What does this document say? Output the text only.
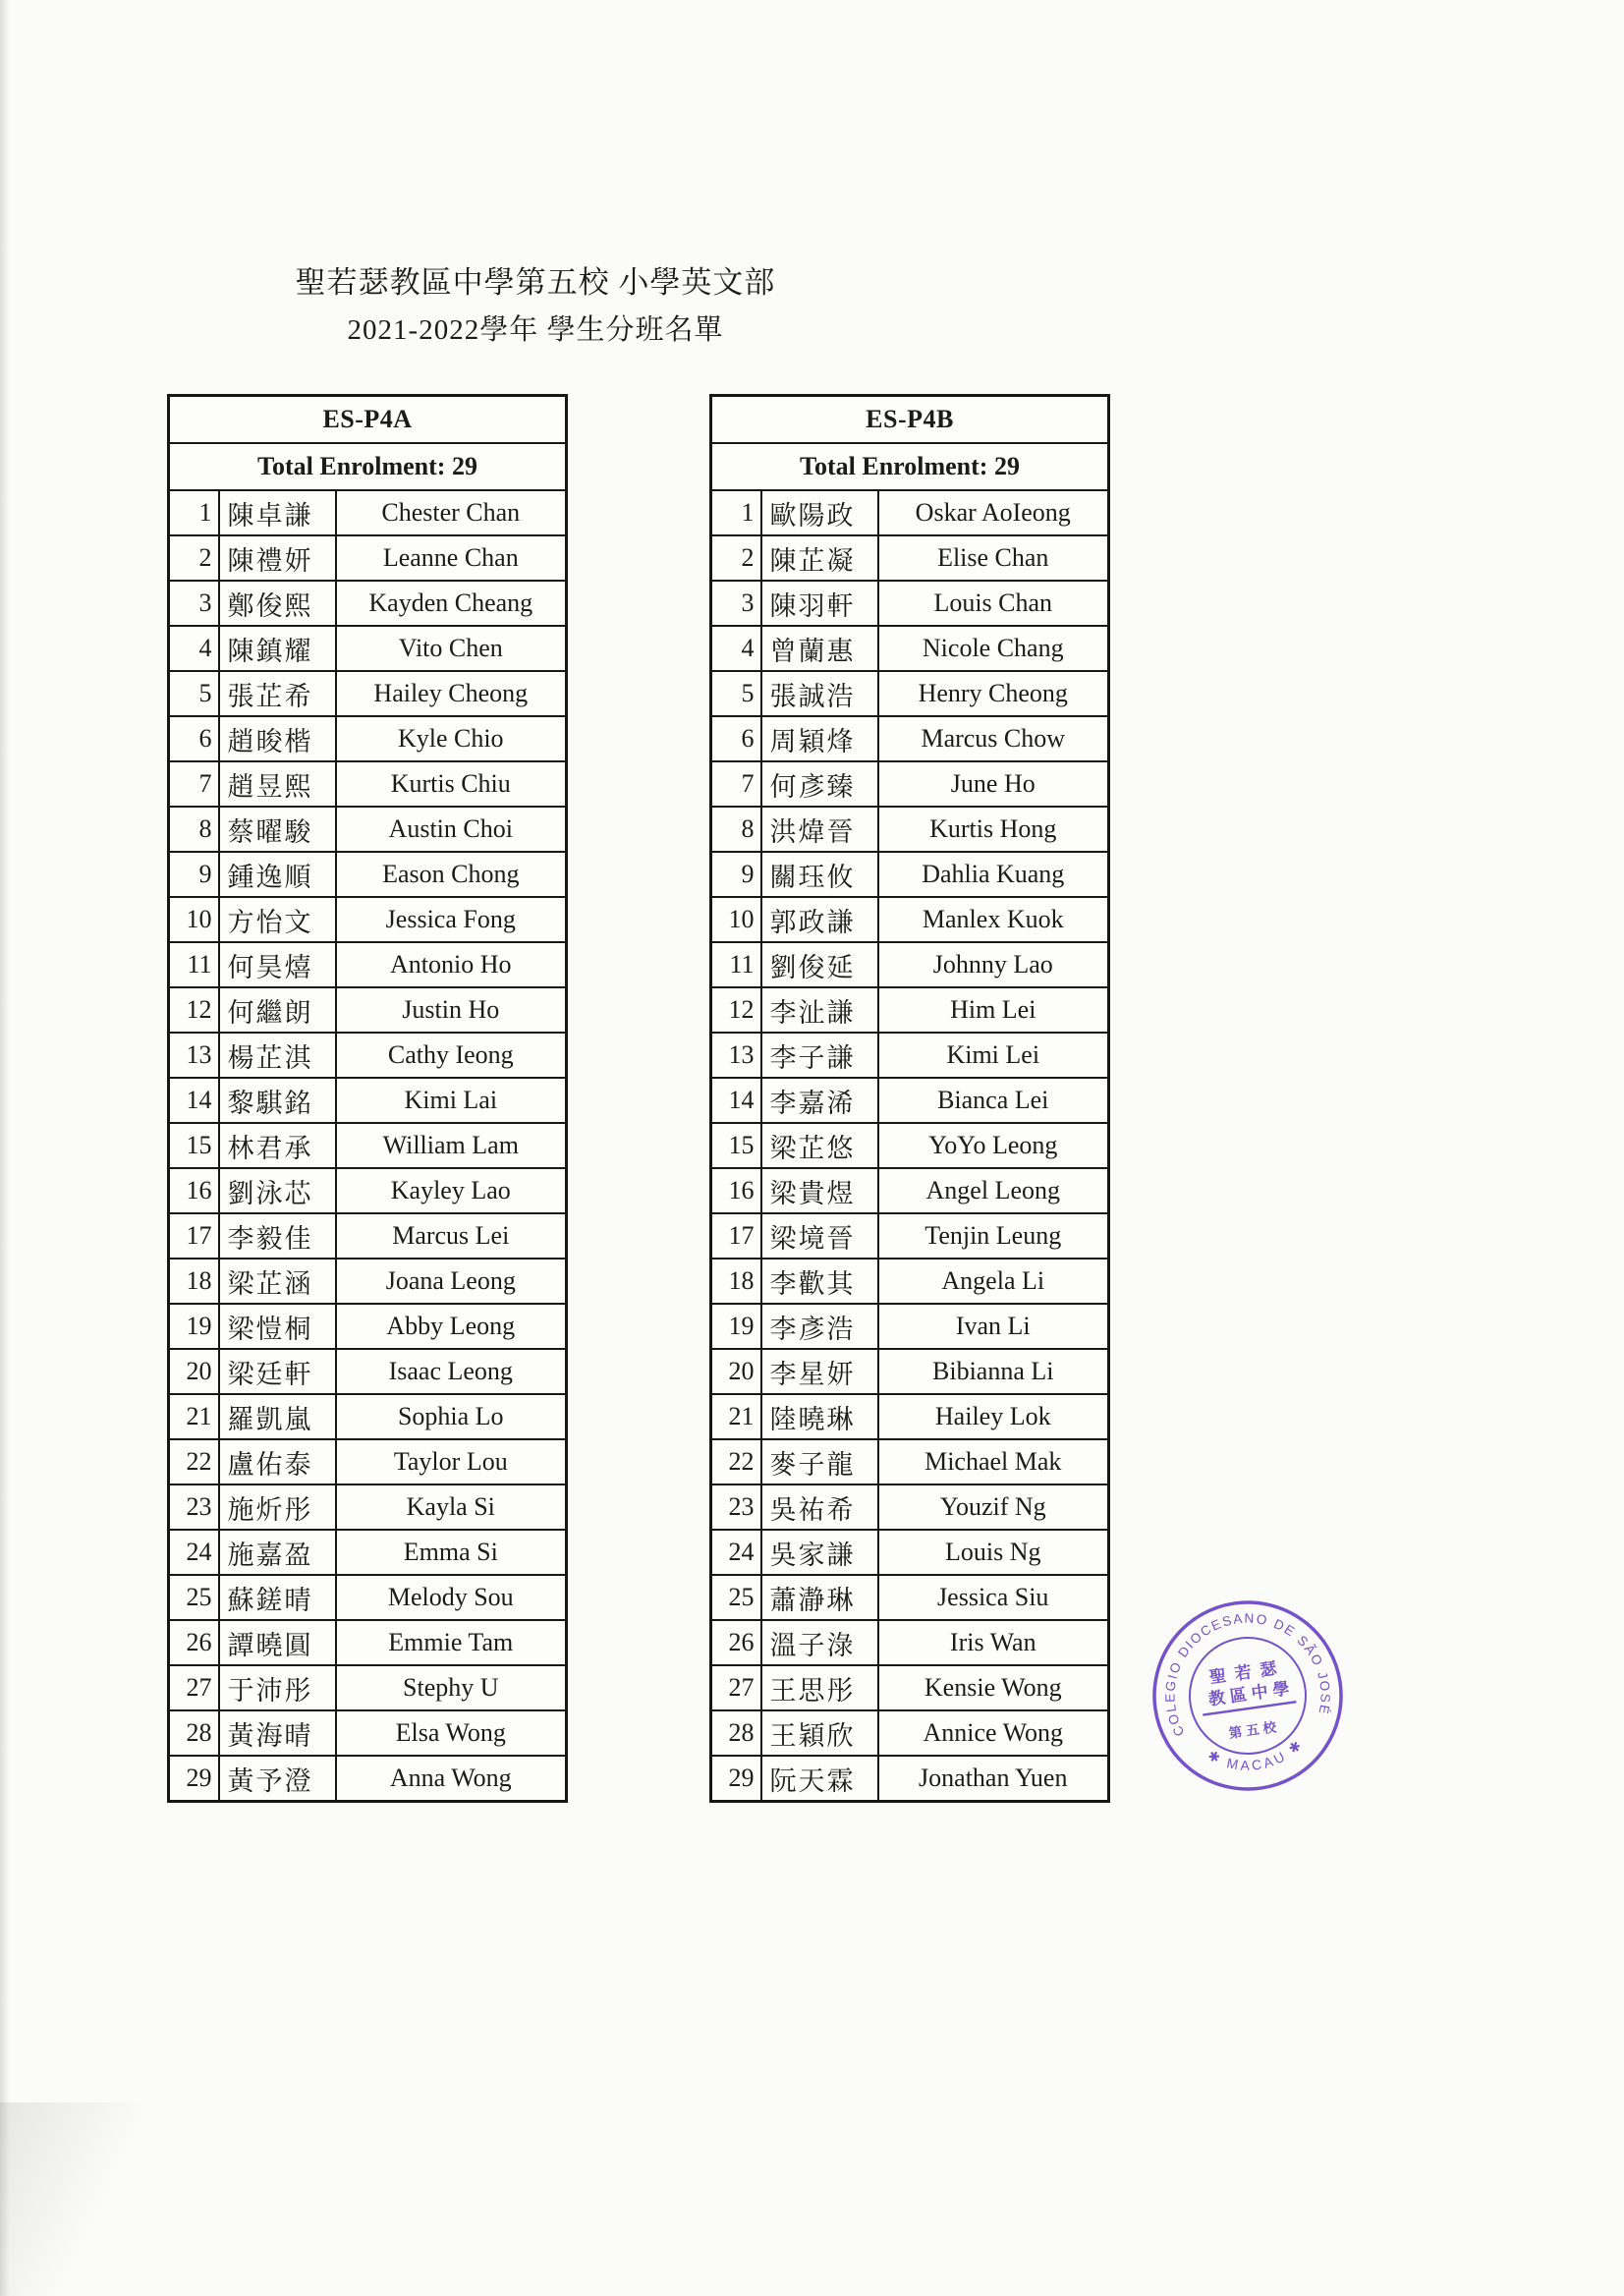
聖若瑟教區中學第五校 小學英文部
2021-2022學年 學生分班名單
ES-P4A		
Total Enrolment: 29		
1	陳卓謙	Chester Chan
2	陳禮妍	Leanne Chan
3	鄭俊熙	Kayden Cheang
4	陳鎮耀	Vito Chen
5	張芷希	Hailey Cheong
6	趙晙楷	Kyle Chio
7	趙昱熙	Kurtis Chiu
8	蔡曜駿	Austin Choi
9	鍾逸順	Eason Chong
10	方怡文	Jessica Fong
11	何昊熺	Antonio Ho
12	何繼朗	Justin Ho
13	楊芷淇	Cathy Ieong
14	黎騏銘	Kimi Lai
15	林君承	William Lam
16	劉泳芯	Kayley Lao
17	李毅佳	Marcus Lei
18	梁芷涵	Joana Leong
19	梁愷桐	Abby Leong
20	梁廷軒	Isaac Leong
21	羅凱嵐	Sophia Lo
22	盧佑泰	Taylor Lou
23	施炘彤	Kayla Si
24	施嘉盈	Emma Si
25	蘇鎈晴	Melody Sou
26	譚曉圓	Emmie Tam
27	于沛彤	Stephy U
28	黃海晴	Elsa Wong
29	黃予澄	Anna Wong
ES-P4B		
Total Enrolment: 29		
1	歐陽政	Oskar AoIeong
2	陳芷凝	Elise Chan
3	陳羽軒	Louis Chan
4	曾蘭惠	Nicole Chang
5	張誠浩	Henry Cheong
6	周穎烽	Marcus Chow
7	何彥臻	June Ho
8	洪煒晉	Kurtis Hong
9	關珏攸	Dahlia Kuang
10	郭政謙	Manlex Kuok
11	劉俊延	Johnny Lao
12	李沚謙	Him Lei
13	李子謙	Kimi Lei
14	李嘉浠	Bianca Lei
15	梁芷悠	YoYo Leong
16	梁貴煜	Angel Leong
17	梁境晉	Tenjin Leung
18	李歡其	Angela Li
19	李彥浩	Ivan Li
20	李星妍	Bibianna Li
21	陸曉琳	Hailey Lok
22	麥子龍	Michael Mak
23	吳祐希	Youzif Ng
24	吳家謙	Louis Ng
25	蕭瀞琳	Jessica Siu
26	溫子淥	Iris Wan
27	王思彤	Kensie Wong
28	王穎欣	Annice Wong
29	阮天霖	Jonathan Yuen
COLEGIO DIOCESANO DE SÃO JOSÉ
✱ MACAU ✱
聖若瑟
教區中學
第五校
